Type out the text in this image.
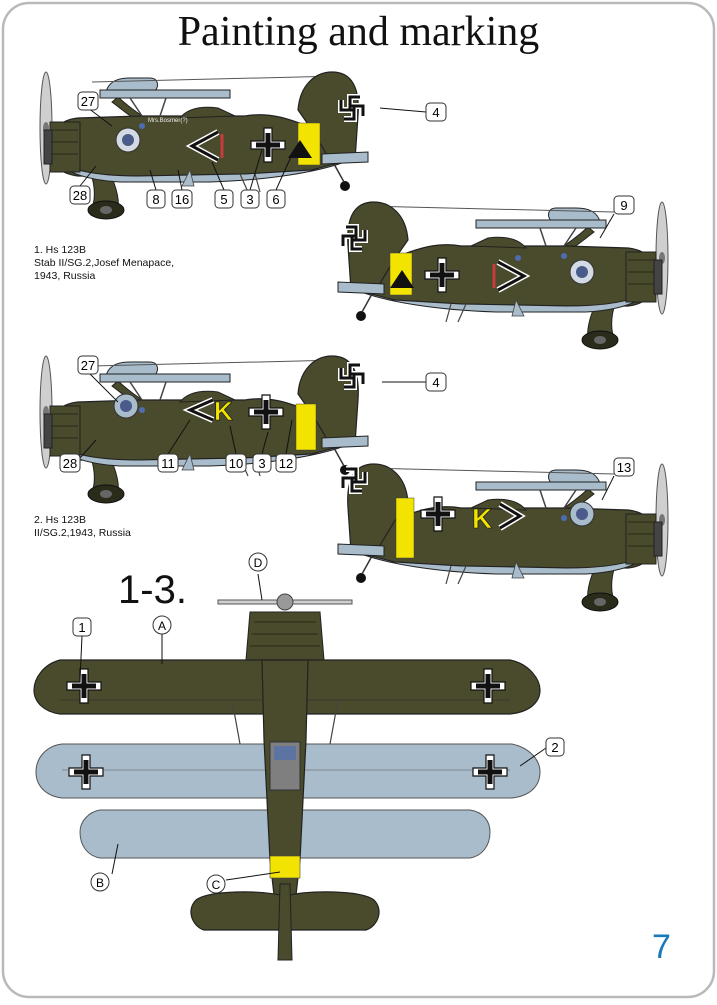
Mrs.Bosmer(?)
K
K
27
28	8 16 5 3 6
4
9
27
28	11	10 3 12
4
13
1
2
A
B	C
D
Painting and marking
1. Hs 123B
Stab II/SG.2,Josef Menapace,
1943, Russia
2. Hs 123B
II/SG.2,1943, Russia
1-3.
7
